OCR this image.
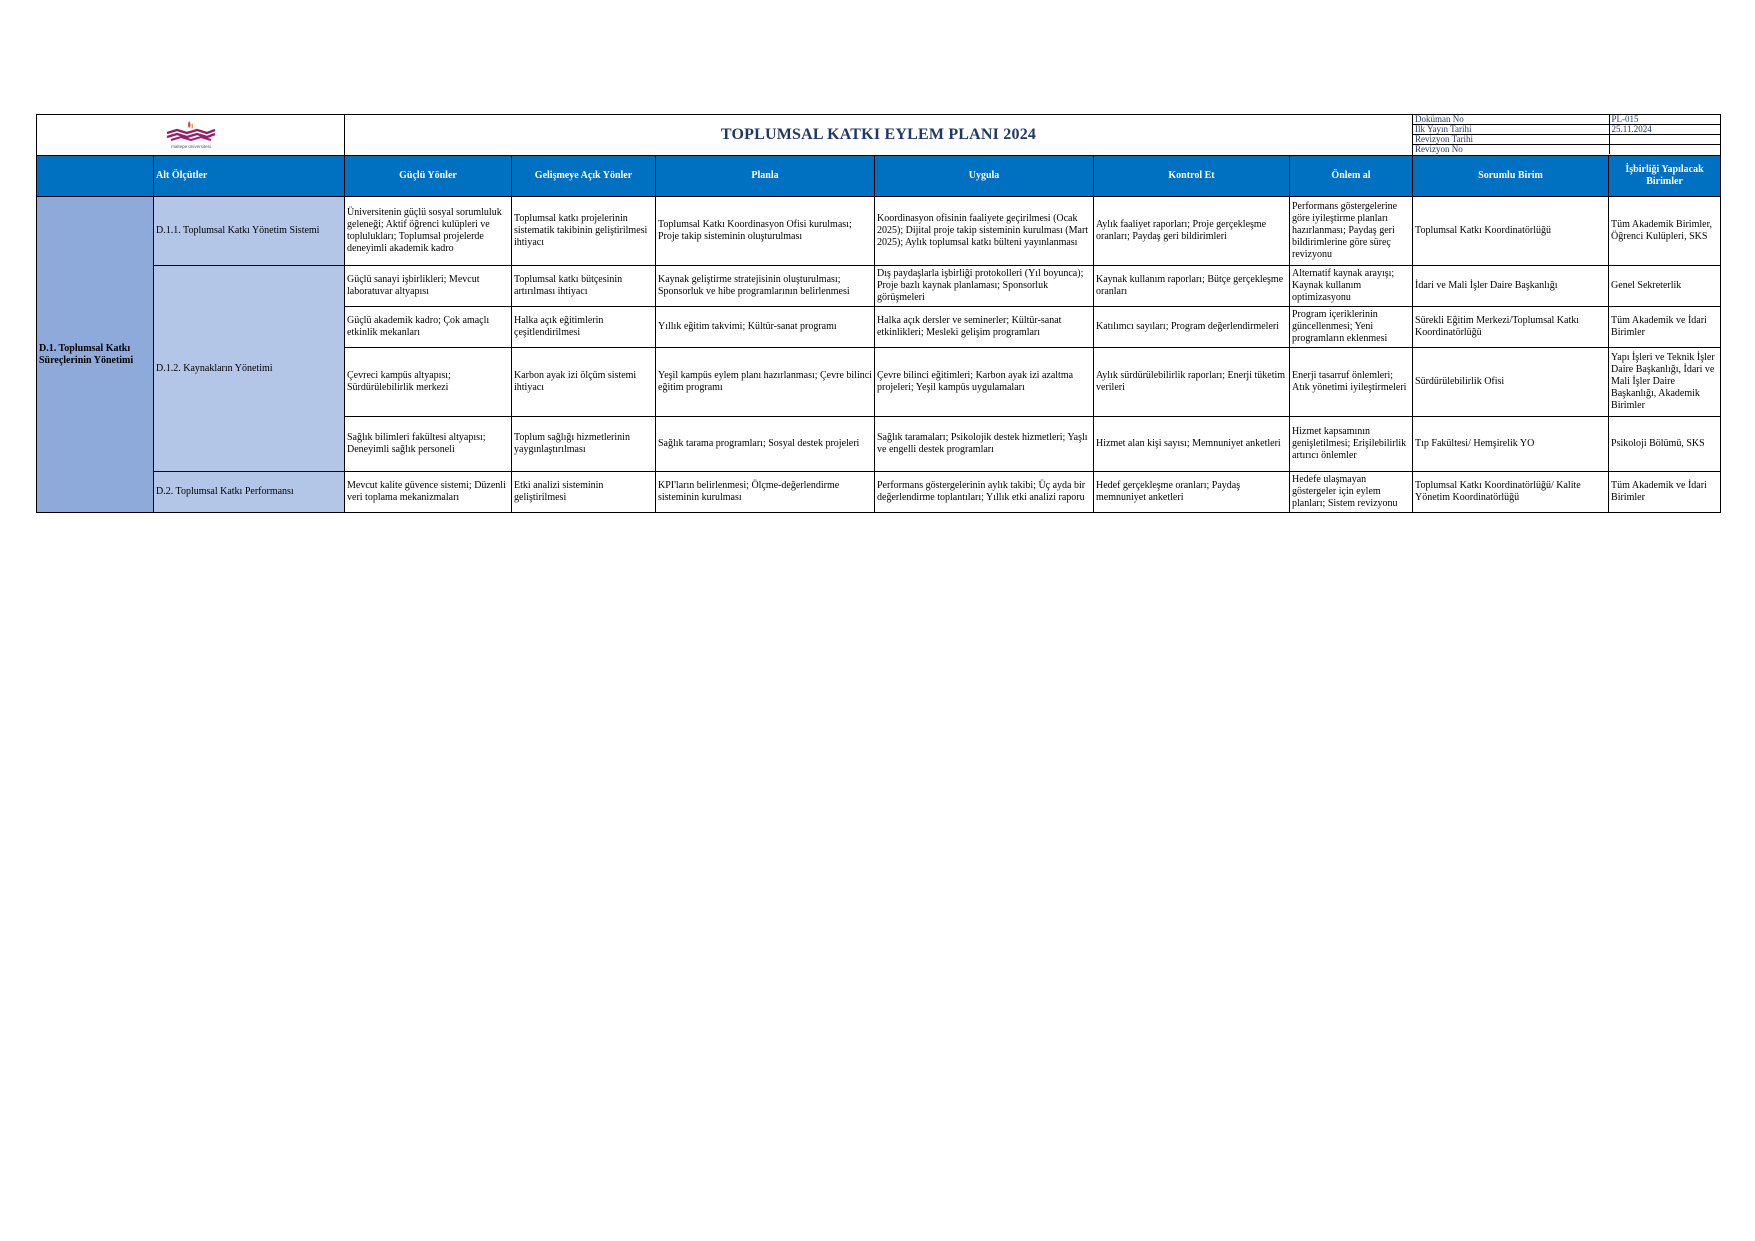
maltepe üniversitesi
	TOPLUMSAL KATKI EYLEM PLANI 2024	
Doküman No	PL-015
İlk Yayın Tarihi	25.11.2024
Revizyon Tarihi	
Revizyon No	

	Alt Ölçütler	Güçlü Yönler	Gelişmeye Açık Yönler	Planla	Uygula	Kontrol Et	Önlem al	Sorumlu Birim	İşbirliği Yapılacak Birimler
D.1. Toplumsal Katkı Süreçlerinin Yönetimi	D.1.1. Toplumsal Katkı Yönetim Sistemi	Üniversitenin güçlü sosyal sorumluluk geleneği; Aktif öğrenci kulüpleri ve toplulukları; Toplumsal projelerde deneyimli akademik kadro	Toplumsal katkı projelerinin sistematik takibinin geliştirilmesi ihtiyacı	Toplumsal Katkı Koordinasyon Ofisi kurulması; Proje takip sisteminin oluşturulması	Koordinasyon ofisinin faaliyete geçirilmesi (Ocak 2025); Dijital proje takip sisteminin kurulması (Mart 2025); Aylık toplumsal katkı bülteni yayınlanması	Aylık faaliyet raporları; Proje gerçekleşme oranları; Paydaş geri bildirimleri	Performans göstergelerine göre iyileştirme planları hazırlanması; Paydaş geri bildirimlerine göre süreç revizyonu	Toplumsal Katkı Koordinatörlüğü	Tüm Akademik Birimler, Öğrenci Kulüpleri, SKS
D.1.2. Kaynakların Yönetimi	Güçlü sanayi işbirlikleri; Mevcut laboratuvar altyapısı	Toplumsal katkı bütçesinin artırılması ihtiyacı	Kaynak geliştirme stratejisinin oluşturulması; Sponsorluk ve hibe programlarının belirlenmesi	Dış paydaşlarla işbirliği protokolleri (Yıl boyunca); Proje bazlı kaynak planlaması; Sponsorluk görüşmeleri	Kaynak kullanım raporları; Bütçe gerçekleşme oranları	Alternatif kaynak arayışı; Kaynak kullanım optimizasyonu	İdari ve Mali İşler Daire Başkanlığı	Genel Sekreterlik
Güçlü akademik kadro; Çok amaçlı etkinlik mekanları	Halka açık eğitimlerin çeşitlendirilmesi	Yıllık eğitim takvimi; Kültür-sanat programı	Halka açık dersler ve seminerler; Kültür-sanat etkinlikleri; Mesleki gelişim programları	Katılımcı sayıları; Program değerlendirmeleri	Program içeriklerinin güncellenmesi; Yeni programların eklenmesi	Sürekli Eğitim Merkezi/Toplumsal Katkı Koordinatörlüğü	Tüm Akademik ve İdari Birimler
Çevreci kampüs altyapısı; Sürdürülebilirlik merkezi	Karbon ayak izi ölçüm sistemi ihtiyacı	Yeşil kampüs eylem planı hazırlanması; Çevre bilinci eğitim programı	Çevre bilinci eğitimleri; Karbon ayak izi azaltma projeleri; Yeşil kampüs uygulamaları	Aylık sürdürülebilirlik raporları; Enerji tüketim verileri	Enerji tasarruf önlemleri; Atık yönetimi iyileştirmeleri	Sürdürülebilirlik Ofisi	Yapı İşleri ve Teknik İşler Daire Başkanlığı, İdari ve Mali İşler Daire Başkanlığı, Akademik Birimler
Sağlık bilimleri fakültesi altyapısı; Deneyimli sağlık personeli	Toplum sağlığı hizmetlerinin yaygınlaştırılması	Sağlık tarama programları; Sosyal destek projeleri	Sağlık taramaları; Psikolojik destek hizmetleri; Yaşlı ve engelli destek programları	Hizmet alan kişi sayısı; Memnuniyet anketleri	Hizmet kapsamının genişletilmesi; Erişilebilirlik artırıcı önlemler	Tıp Fakültesi/ Hemşirelik YO	Psikoloji Bölümü, SKS
D.2. Toplumsal Katkı Performansı	Mevcut kalite güvence sistemi; Düzenli veri toplama mekanizmaları	Etki analizi sisteminin geliştirilmesi	KPI'ların belirlenmesi; Ölçme-değerlendirme sisteminin kurulması	Performans göstergelerinin aylık takibi; Üç ayda bir değerlendirme toplantıları; Yıllık etki analizi raporu	Hedef gerçekleşme oranları; Paydaş memnuniyet anketleri	Hedefe ulaşmayan göstergeler için eylem planları; Sistem revizyonu	Toplumsal Katkı Koordinatörlüğü/ Kalite Yönetim Koordinatörlüğü	Tüm Akademik ve İdari Birimler
